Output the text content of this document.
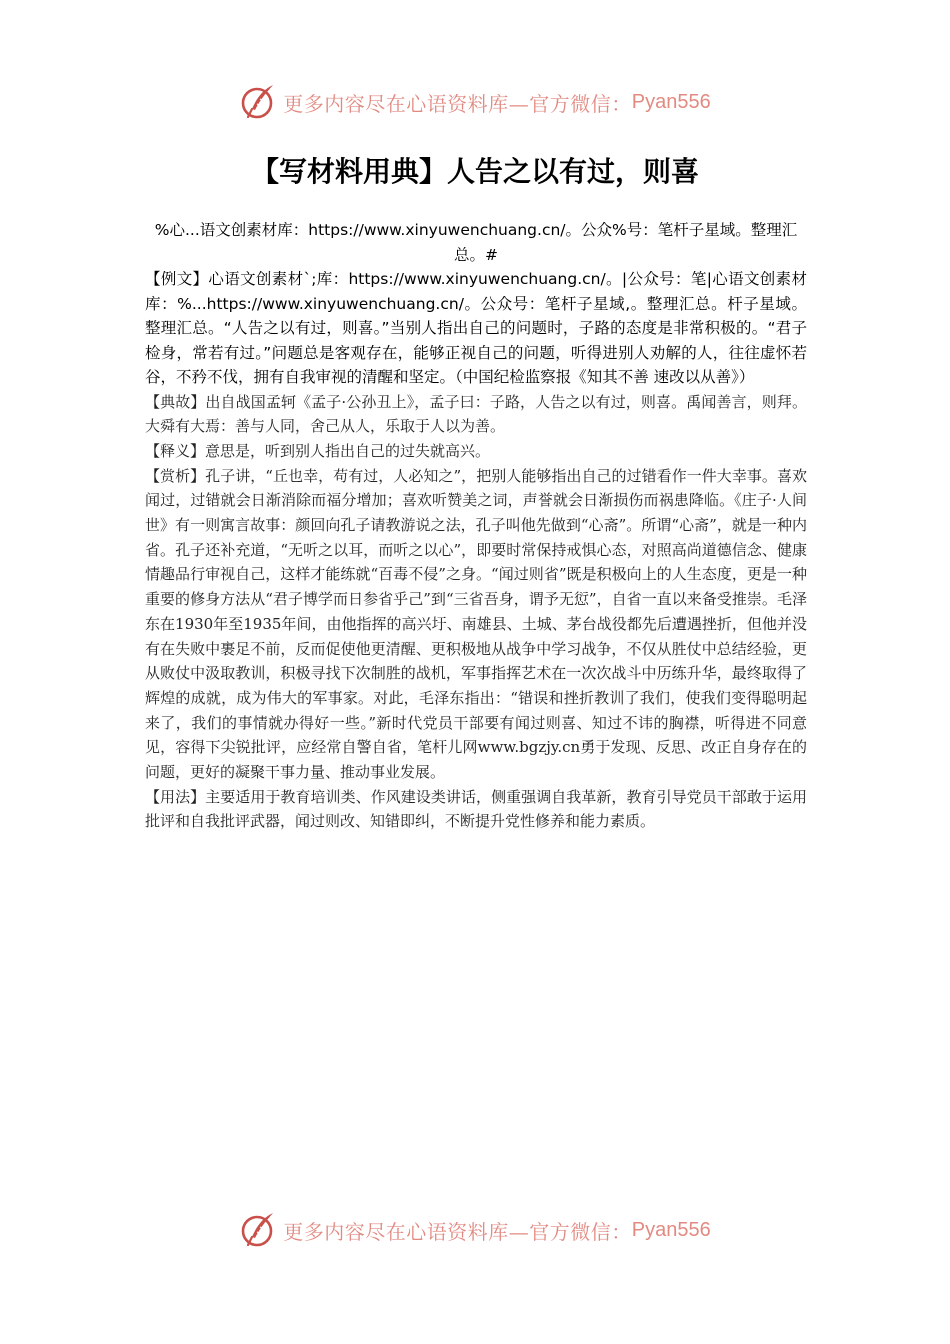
更多内容尽在心语资料库—官方微信： Pyan556
【写材料用典】人告之以有过，则喜

%心...语文创素材库：https://www.xinyuwenchuang.cn/。公众%号：笔杆子星域。整理汇总。#

【例文】心语文创素材`;库：https://www.xinyuwenchuang.cn/。|公众号：笔|心语文创素材库：%...https://www.xinyuwenchuang.cn/。公众号：笔杆子星域,。整理汇总。杆子星域。整理汇总。“人告之以有过，则喜。”当别人指出自己的问题时，子路的态度是非常积极的。“君子检身，常若有过。”问题总是客观存在，能够正视自己的问题，听得进别人劝解的人，往往虚怀若谷，不矜不伐，拥有自我审视的清醒和坚定。（中国纪检监察报《知其不善 速改以从善》）

【典故】出自战国孟轲《孟子·公孙丑上》，孟子曰：子路，人告之以有过，则喜。禹闻善言，则拜。大舜有大焉：善与人同，舍己从人，乐取于人以为善。

【释义】意思是，听到别人指出自己的过失就高兴。

【赏析】孔子讲，“丘也幸，苟有过，人必知之”，把别人能够指出自己的过错看作一件大幸事。喜欢闻过，过错就会日渐消除而福分增加；喜欢听赞美之词，声誉就会日渐损伤而祸患降临。《庄子·人间世》有一则寓言故事：颜回向孔子请教游说之法，孔子叫他先做到“心斋”。所谓“心斋”，就是一种内省。孔子还补充道，“无听之以耳，而听之以心”，即要时常保持戒惧心态，对照高尚道德信念、健康情趣品行审视自己，这样才能练就“百毒不侵”之身。“闻过则省”既是积极向上的人生态度，更是一种重要的修身方法从“君子博学而日参省乎己”到“三省吾身，谓予无愆”，自省一直以来备受推崇。毛泽东在1930年至1935年间，由他指挥的高兴圩、南雄县、土城、茅台战役都先后遭遇挫折，但他并没有在失败中裹足不前，反而促使他更清醒、更积极地从战争中学习战争，不仅从胜仗中总结经验，更从败仗中汲取教训，积极寻找下次制胜的战机，军事指挥艺术在一次次战斗中历练升华，最终取得了辉煌的成就，成为伟大的军事家。对此，毛泽东指出：“错误和挫折教训了我们，使我们变得聪明起来了，我们的事情就办得好一些。”新时代党员干部要有闻过则喜、知过不讳的胸襟，听得进不同意见，容得下尖锐批评，应经常自警自省，笔杆儿网www.bgzjy.cn勇于发现、反思、改正自身存在的问题，更好的凝聚干事力量、推动事业发展。

【用法】主要适用于教育培训类、作风建设类讲话，侧重强调自我革新，教育引导党员干部敢于运用批评和自我批评武器，闻过则改、知错即纠，不断提升党性修养和能力素质。

更多内容尽在心语资料库—官方微信： Pyan556
